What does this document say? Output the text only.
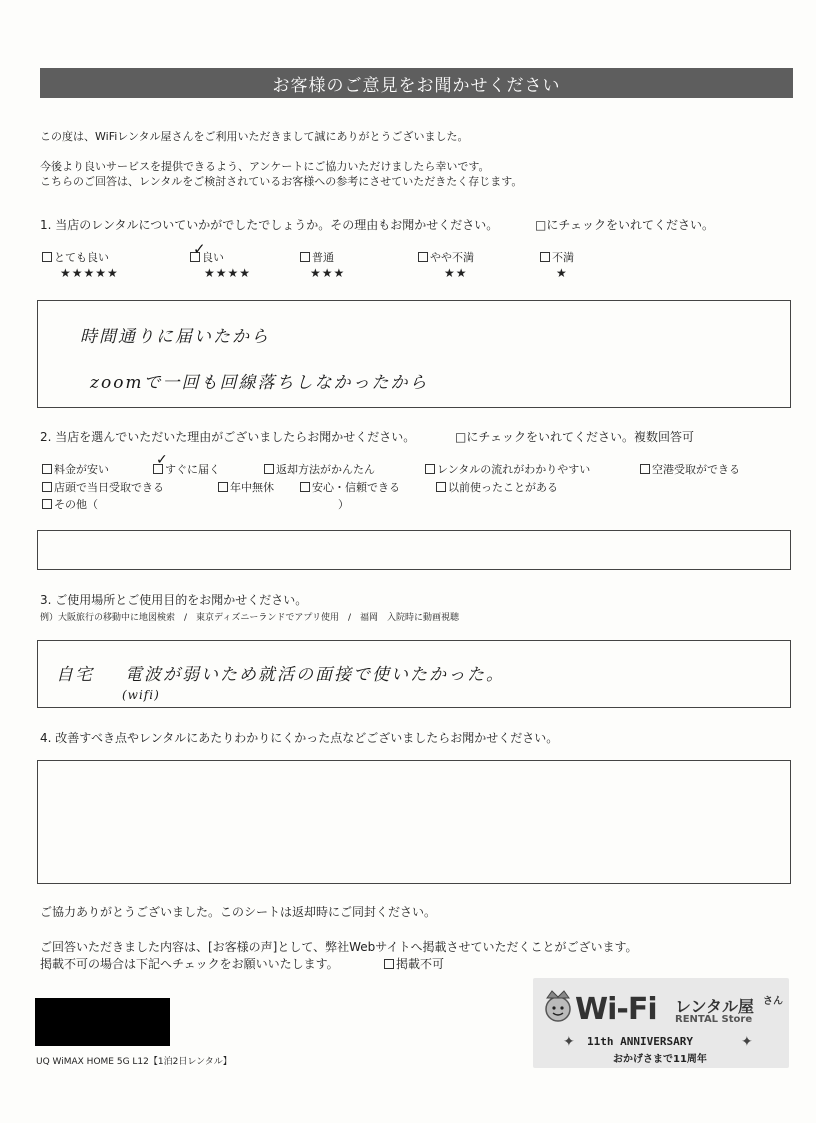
お客様のご意見をお聞かせください
この度は、WiFiレンタル屋さんをご利用いただきまして誠にありがとうございました。
今後より良いサービスを提供できるよう、アンケートにご協力いただけましたら幸いです。
こちらのご回答は、レンタルをご検討されているお客様への参考にさせていただきたく存じます。
1. 当店のレンタルについていかがでしたでしょうか。その理由もお聞かせください。	□にチェックをいれてください。
とても良い
★★★★★
良い
✓
★★★★
普通
★★★
やや不満
★★
不満
★
時間通りに届いたから
zoomで一回も回線落ちしなかったから
2. 当店を選んでいただいた理由がございましたらお聞かせください。	□にチェックをいれてください。複数回答可
料金が安い	すぐに届く
✓
返却方法がかんたん	レンタルの流れがわかりやすい	空港受取ができる
店頭で当日受取できる	年中無休	安心・信頼できる	以前使ったことがある
その他（	）
3. ご使用場所とご使用目的をお聞かせください。
例）大阪旅行の移動中に地図検索　/　東京ディズニーランドでアプリ使用　/　福岡　入院時に動画視聴
自宅 電波が弱いため就活の面接で使いたかった。
(wifi)
4. 改善すべき点やレンタルにあたりわかりにくかった点などございましたらお聞かせください。
ご協力ありがとうございました。このシートは返却時にご同封ください。
ご回答いただきました内容は、[お客様の声]として、弊社Webサイトへ掲載させていただくことがございます。
掲載不可の場合は下記へチェックをお願いいたします。	掲載不可
UQ WiMAX HOME 5G L12【1泊2日レンタル】
Wi-Fi レンタル屋 さん
RENTAL Store
✦ 11th ANNIVERSARY	✦
おかげさまで11周年
